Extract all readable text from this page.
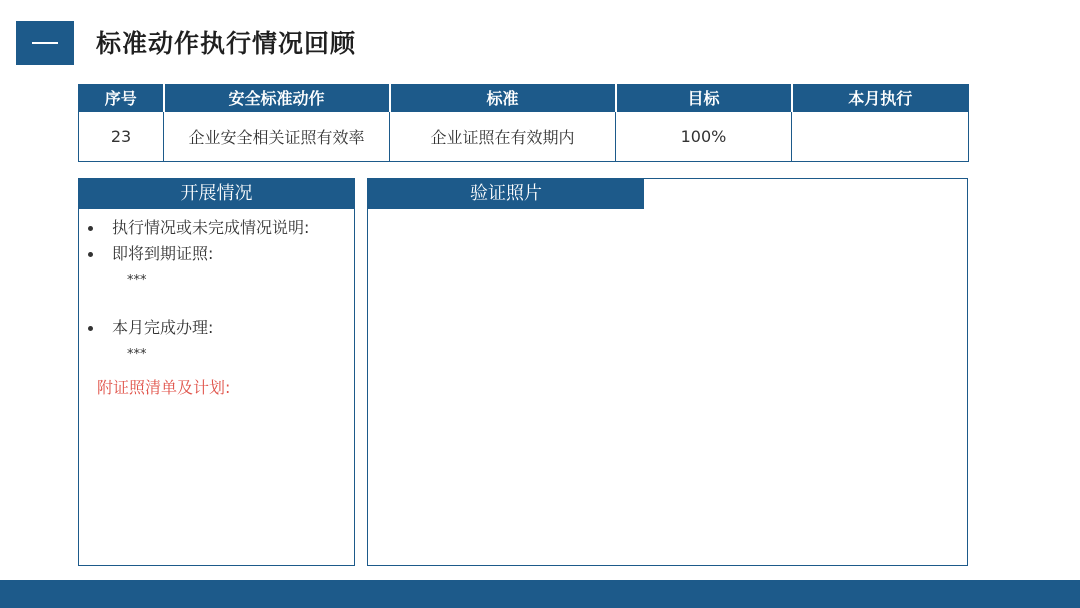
标准动作执行情况回顾
序号	安全标准动作	标准	目标	本月执行
23	企业安全相关证照有效率	企业证照在有效期内	100%	
开展情况
执行情况或未完成情况说明:
即将到期证照:
***
本月完成办理:
***
附证照清单及计划:
验证照片
